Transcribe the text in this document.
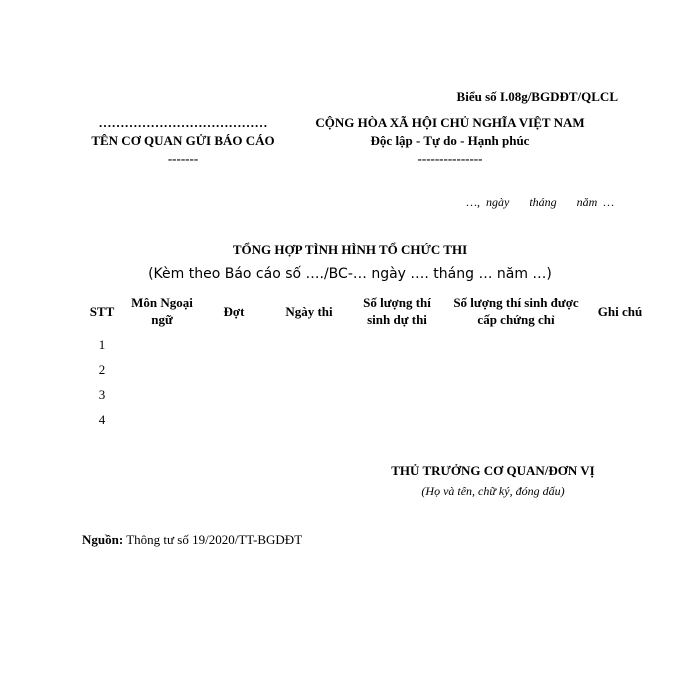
Biểu số I.08g/BGDĐT/QLCL
…………………………………
TÊN CƠ QUAN GỬI BÁO CÁO
-------
CỘNG HÒA XÃ HỘI CHỦ NGHĨA VIỆT NAM
Độc lập - Tự do - Hạnh phúc
---------------
…, ngày tháng năm …
TỔNG HỢP TÌNH HÌNH TỔ CHỨC THI
(Kèm theo Báo cáo số …./BC-… ngày …. tháng … năm …)
STT	Môn Ngoại ngữ	Đợt	Ngày thi	Số lượng thí sinh dự thi	Số lượng thí sinh được cấp chứng chỉ	Ghi chú
1						
2						
3						
4						
THỦ TRƯỞNG CƠ QUAN/ĐƠN VỊ
(Họ và tên, chữ ký, đóng dấu)
Nguồn: Thông tư số 19/2020/TT-BGDĐT
